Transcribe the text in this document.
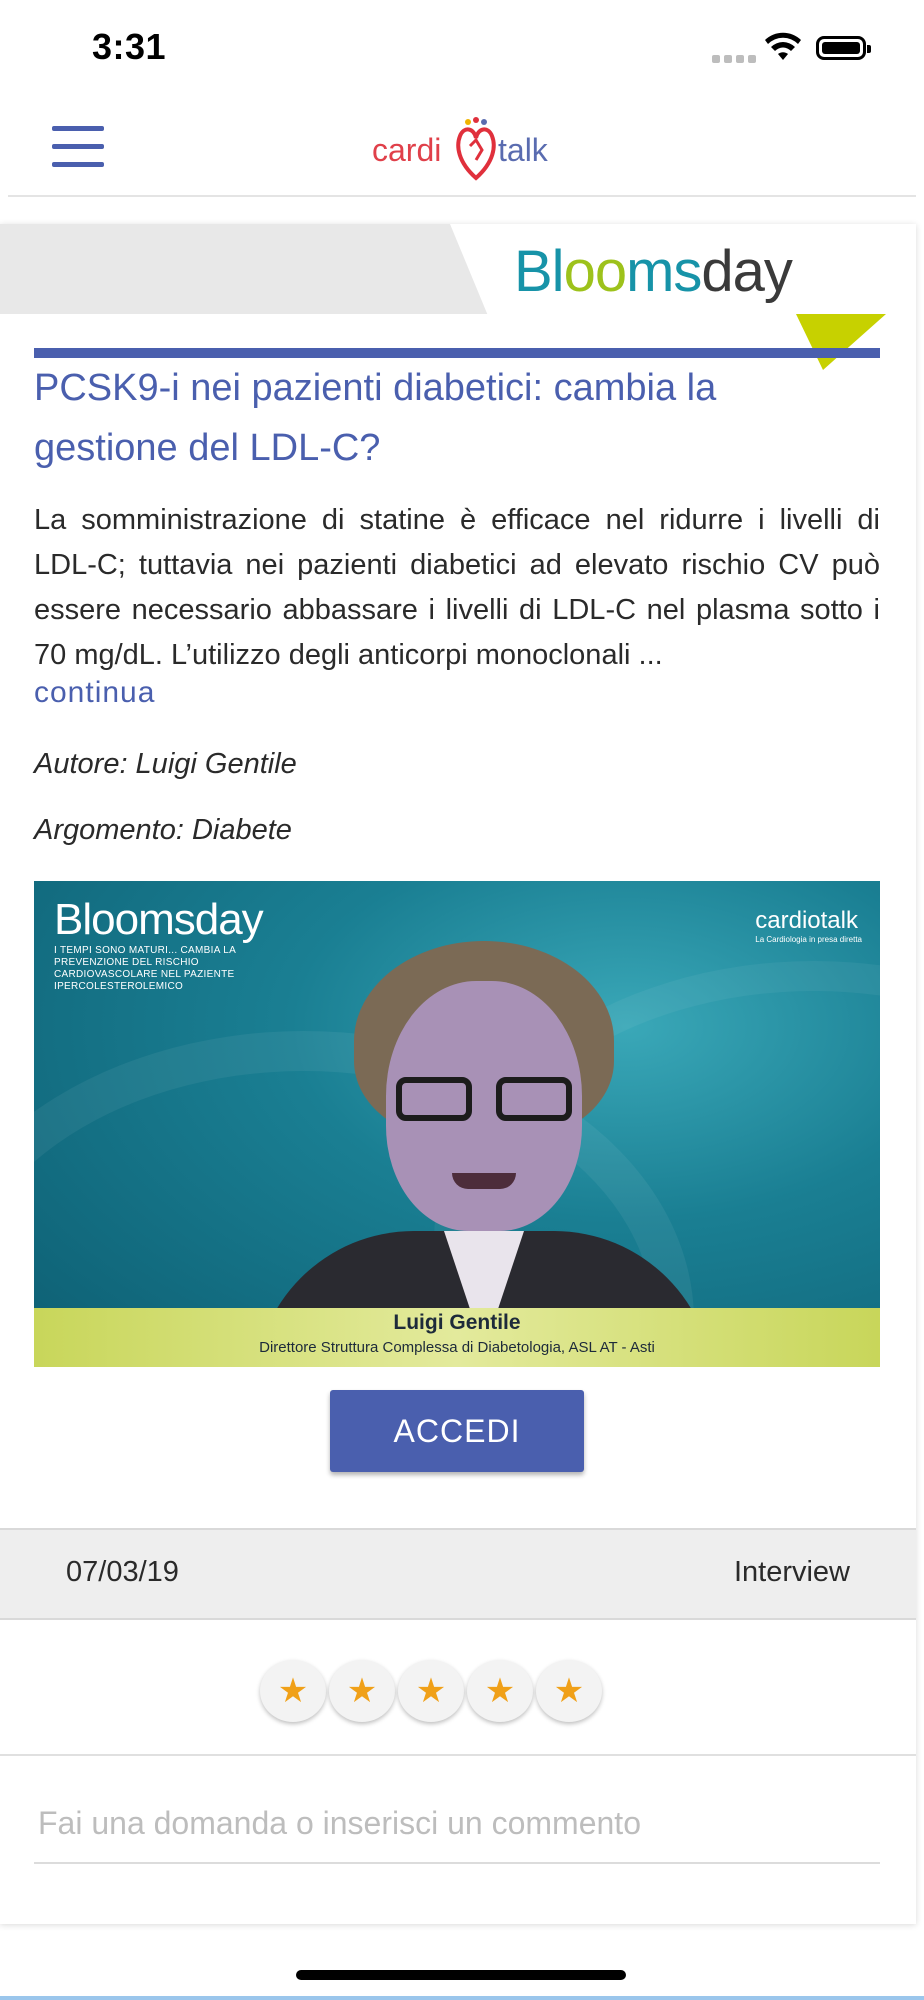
3:31
cardi talk
Bloomsday
PCSK9-i nei pazienti diabetici: cambia la gestione del LDL-C?

La somministrazione di statine è efficace nel ridurre i livelli di LDL-C; tuttavia nei pazienti diabetici ad elevato rischio CV può essere necessario abbassare i livelli di LDL-C nel plasma sotto i 70 mg/dL. L’utilizzo degli anticorpi monoclonali ...

continua
Autore: Luigi Gentile
Argomento: Diabete
Bloomsday
I TEMPI SONO MATURI... CAMBIA LA PREVENZIONE DEL RISCHIO CARDIOVASCOLARE NEL PAZIENTE IPERCOLESTEROLEMICO
cardiotalk
La Cardiologia in presa diretta
Luigi Gentile
Direttore Struttura Complessa di Diabetologia, ASL AT - Asti
ACCEDI
07/03/19	Interview
★	★	★	★	★
Fai una domanda o inserisci un commento
